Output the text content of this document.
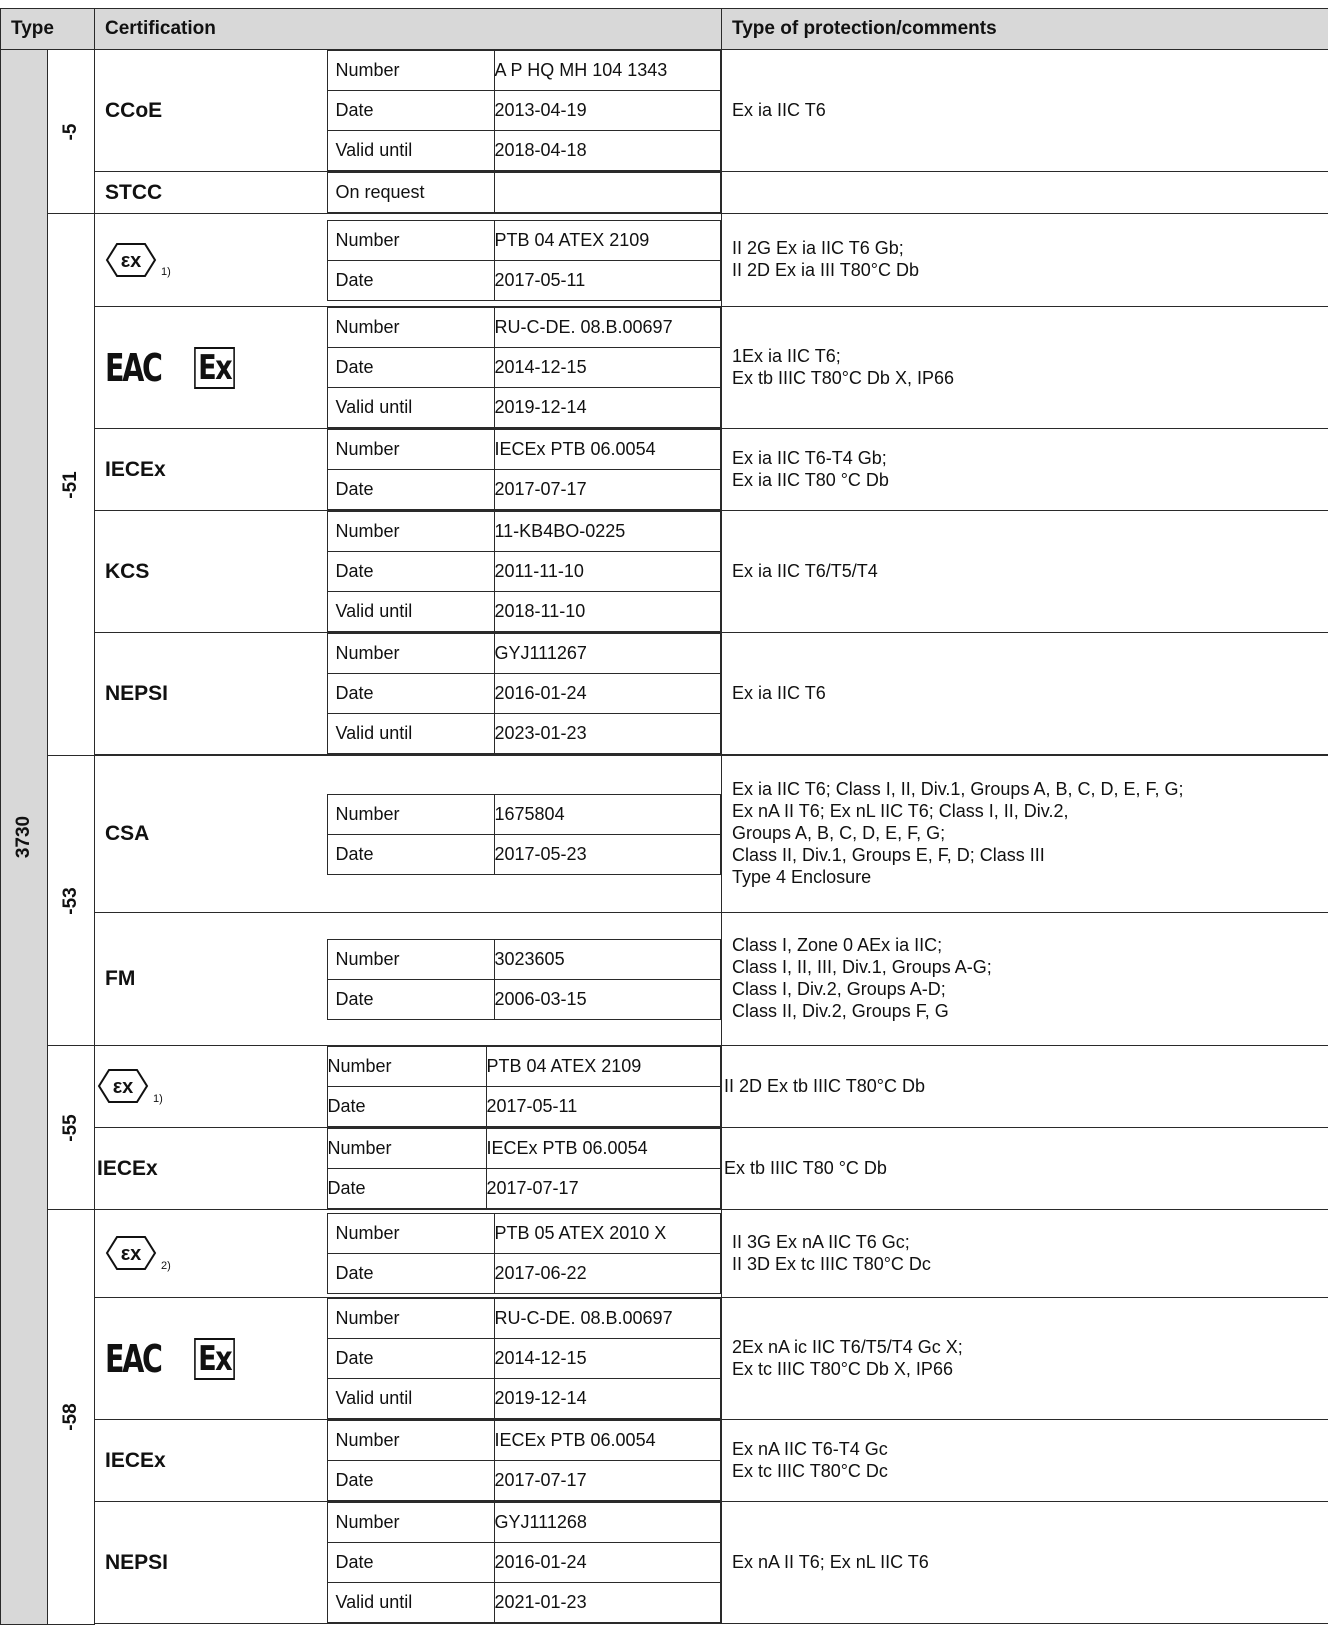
Type	Certification	Type of protection/comments

3730

-5
	CCoE	
Number	A P HQ MH 104 1343
Date	2013-04-19
Valid until	2018-04-18
	Ex ia IIC T6
STCC		On request	

-51

εx
$_{1)}$	
Number	PTB 04 ATEX 2109
Date	2017-05-11

II 2G Ex ia IIC T6 Gb;
II 2D Ex ia III T80°C Db

EAC Ex

Number	RU-C-DE. 08.B.00697
Date	2014-12-15
Valid until	2019-12-14

1Ex ia IIC T6;
Ex tb IIIC T80°C Db X, IP66

IECEx	
Number	IECEx PTB 06.0054
Date	2017-07-17

Ex ia IIC T6-T4 Gb;
Ex ia IIC T80 °C Db

KCS	
Number	11-KB4BO-0225
Date	2011-11-10
Valid until	2018-11-10
	Ex ia IIC T6/T5/T4
NEPSI	
Number	GYJ111267
Date	2016-01-24
Valid until	2023-01-23
	Ex ia IIC T6

-53
	CSA	
Number	1675804
Date	2017-05-23

Ex ia IIC T6; Class I, II, Div.1, Groups A, B, C, D, E, F, G;
Ex nA II T6; Ex nL IIC T6; Class I, II, Div.2,
Groups A, B, C, D, E, F, G;
Class II, Div.1, Groups E, F, D; Class III
Type 4 Enclosure

FM	
Number	3023605
Date	2006-03-15

Class I, Zone 0 AEx ia IIC;
Class I, II, III, Div.1, Groups A-G;
Class I, Div.2, Groups A-D;
Class II, Div.2, Groups F, G

-55

εx
$_{1)}$	
Number	PTB 04 ATEX 2109
Date	2017-05-11
	II 2D Ex tb IIIC T80°C Db
IECEx	
Number	IECEx PTB 06.0054
Date	2017-07-17
	Ex tb IIIC T80 °C Db

-58

εx
$_{2)}$	
Number	PTB 05 ATEX 2010 X
Date	2017-06-22

II 3G Ex nA IIC T6 Gc;
II 3D Ex tc IIIC T80°C Dc

EAC Ex

Number	RU-C-DE. 08.B.00697
Date	2014-12-15
Valid until	2019-12-14

2Ex nA ic IIC T6/T5/T4 Gc X;
Ex tc IIIC T80°C Db X, IP66

IECEx	
Number	IECEx PTB 06.0054
Date	2017-07-17

Ex nA IIC T6-T4 Gc
Ex tc IIIC T80°C Dc

NEPSI	
Number	GYJ111268
Date	2016-01-24
Valid until	2021-01-23
	Ex nA II T6; Ex nL IIC T6
